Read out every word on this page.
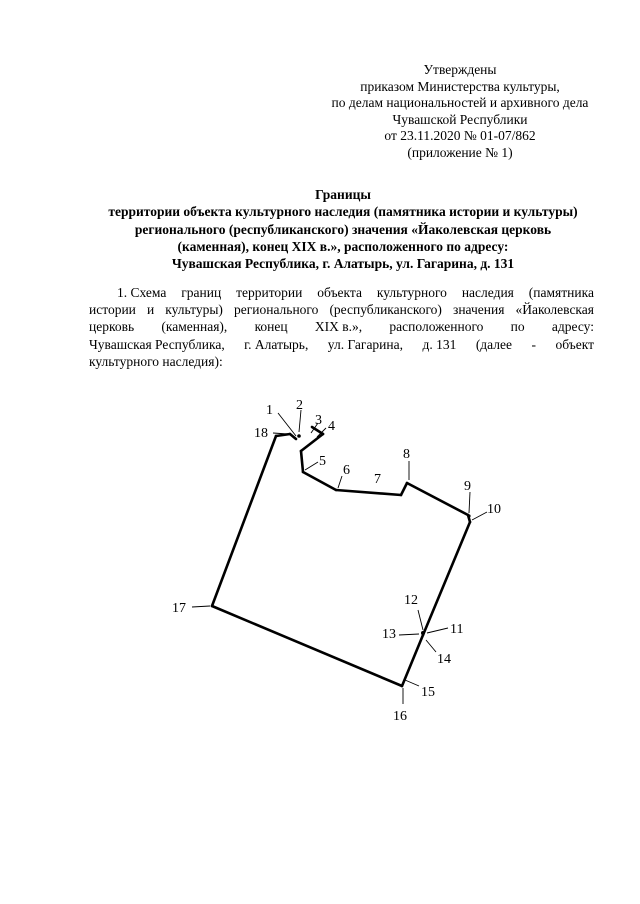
Утверждены
приказом Министерства культуры,
по делам национальностей и архивного дела
Чувашской Республики
от 23.11.2020 № 01-07/862
(приложение № 1)
Границы
территории объекта культурного наследия (памятника истории и культуры)
регионального (республиканского) значения «Йаколевская церковь
(каменная), конец XIX в.», расположенного по адресу:
Чувашская Республика, г. Алатырь, ул. Гагарина, д. 131
1. Схема границ территории объекта культурного наследия (памятника
истории и культуры) регионального (республиканского) значения «Йаколевская
церковь (каменная), конец XIX в.», расположенного по адресу:
Чувашская Республика, г. Алатырь, ул. Гагарина, д. 131 (далее - объект
культурного наследия):
1 2
3 4
5
6
7
8
9
10
11
12
13
14
15
16
17
18
